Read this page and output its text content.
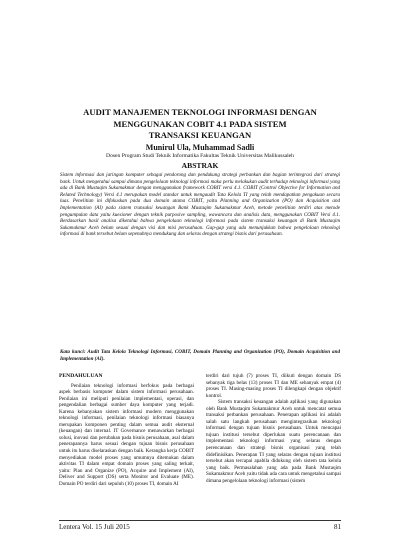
AUDIT MANAJEMEN TEKNOLOGI INFORMASI DENGAN
MENGGUNAKAN COBIT 4.1 PADA SISTEM
TRANSAKSI KEUANGAN
Munirul Ula, Muhammad Sadli
Dosen Program Studi Teknik Informatika Fakultas Teknik Universitas Malikussaleh
ABSTRAK
Sistem informasi dan jaringan komputer sebagai pendorong dan pendukung strategi perbankan dan bagian terintegrasi dari strategi bank. Untuk mengetahui sampai dimana pengelolaan teknologi informasi maka perlu melakukan audit terhadap teknologi informasi yang ada di Bank Mustaqim Sukamakmur dengan menggunakan framework COBIT versi 4.1. COBIT (Control Objective for Information and Related Technology) Versi 4.1 merupakan model standar untuk mengaudit Tata Kelola TI yang telah mendapatkan pengakuan secara luas. Penelitian ini difokuskan pada dua domain utama COBIT, yaitu Planning and Organization (PO) dan Acquisition and Implementation (AI) pada sistem transaksi keuangan Bank Mustaqim Sukamakmur Aceh, metode penelitian terdiri atas metode pengumpulan data yaitu kuesioner dengan teknik purposive sampling, wawancara dan analisis data, menggunakan COBIT Versi 4.1. Berdasarkan hasil analisa diketahui bahwa pengelolaan teknologi informasi pada sistem transaksi keuangan di Bank Mustaqim Sukamakmur Aceh belum sesuai dengan visi dan misi perusahaan. Gap-gap yang ada menunjukkan bahwa pengelolaan teknologi informasi di bank tersebut belum sepenuhnya mendukung dan selaras dengan strategi bisnis dari perusahaan.
Kata kunci: Audit Tata Kelola Teknologi Informasi, COBIT, Domain Planning and Organization (PO), Domain Acquisition and Implementation (AI).
PENDAHULUAN

Penilaian teknologi informasi berfokus pada berbagai aspek berbasis komputer dalam sistem informasi perusahaan. Penilaian ini meliputi penilaian implementasi, operasi, dan pengendalian berbagai sumber daya komputer yang terjadi. Karena kebanyakan sistem informasi modern menggunakan teknologi informasi, penilaian teknologi informasi biasanya merupakan komponen penting dalam semua audit eksternal (keuangan) dan internal. IT Governance menawarkan berbagai solusi, inovasi dan perubahan pada bisnis perusahaan, asal dalam penerapannya harus sesuai dengan tujuan bisnis perusahaan untuk itu harus diselaraskan dengan baik. Kerangka kerja COBIT menyediakan model proses yang umumnya ditemukan dalam aktivitas TI dalam empat domain proses yang saling terkait, yaitu: Plan and Organize (PO), Acquire and Implement (AI), Deliver and Support (DS) serta Monitor and Evaluate (ME). Domain PO terdiri dari sepuluh (10) proses TI, domain AI

terdiri dari tujuh (7) proses TI, diikuti dengan domain DS sebanyak tiga belas (13) proses TI dan ME sebanyak empat (4) proses TI. Masing-masing proses TI dilengkapi dengan objektif kontrol.

Sistem transaksi keuangan adalah aplikasi yang digunakan oleh Bank Mustaqim Sukamakmur Aceh untuk mencatat semua transaksi perbankan perusahaan. Penerapan aplikasi ini adalah salah satu langkah perusahaan mengintegrasikan teknologi informasi dengan tujuan bisnis perusahaan. Untuk mencapai tujuan institusi tersebut diperlukan suatu perencanaan dan implementasi teknologi informasi yang selaras dengan perencanaan dan strategi bisnis organisasi yang telah didefinisikan. Penerapan TI yang selaras dengan tujuan institusi tersebut akan tercapai apabila didukung oleh sistem tata kelola yang baik. Permasalahan yang ada pada Bank Mustaqim Sukamakmur Aceh yaitu tidak ada cara untuk mengetahui sampai dimana pengelolaan teknologi informasi (sistem

Lentera Vol. 15 Juli 2015	81
